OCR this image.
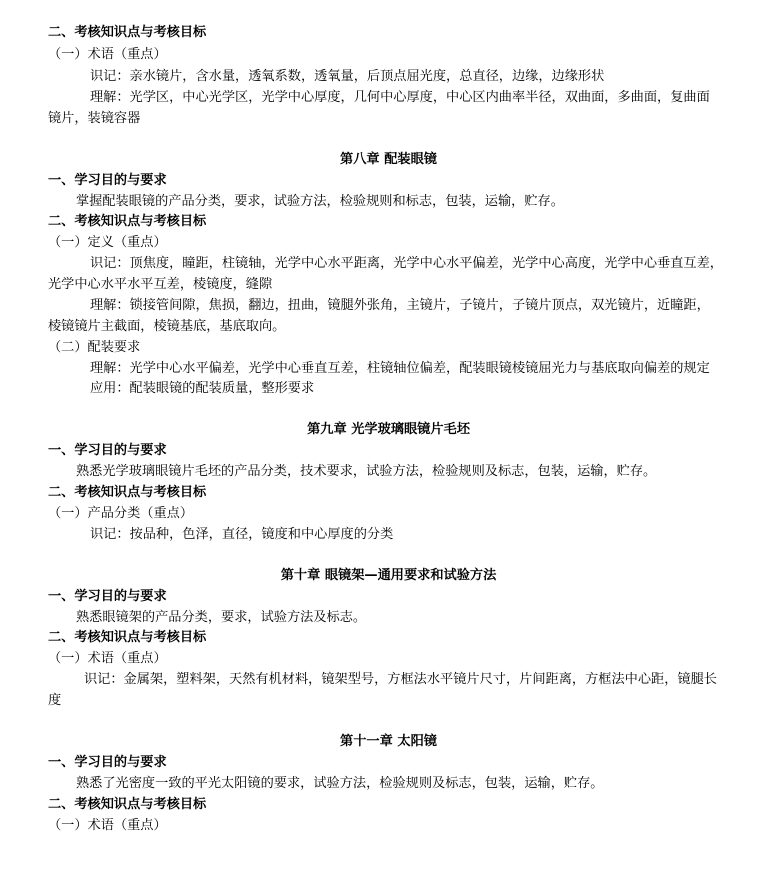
二、考核知识点与考核目标
（一）术语（重点）
识记：亲水镜片，含水量，透氧系数，透氧量，后顶点屈光度，总直径，边缘，边缘形状
理解：光学区，中心光学区，光学中心厚度，几何中心厚度，中心区内曲率半径，双曲面，多曲面，复曲面
镜片，装镜容器
第八章 配装眼镜
一、学习目的与要求
掌握配装眼镜的产品分类，要求，试验方法，检验规则和标志，包装，运输，贮存。
二、考核知识点与考核目标
（一）定义（重点）
识记：顶焦度，瞳距，柱镜轴，光学中心水平距离，光学中心水平偏差，光学中心高度，光学中心垂直互差，
光学中心水平水平互差，棱镜度，缝隙
理解：锁接管间隙，焦损，翻边，扭曲，镜腿外张角，主镜片，子镜片，子镜片顶点，双光镜片，近瞳距，
棱镜镜片主截面，棱镜基底，基底取向。
（二）配装要求
理解：光学中心水平偏差，光学中心垂直互差，柱镜轴位偏差，配装眼镜棱镜屈光力与基底取向偏差的规定
应用：配装眼镜的配装质量，整形要求
第九章 光学玻璃眼镜片毛坯
一、学习目的与要求
熟悉光学玻璃眼镜片毛坯的产品分类，技术要求，试验方法，检验规则及标志，包装，运输，贮存。
二、考核知识点与考核目标
（一）产品分类（重点）
识记：按品种，色泽，直径，镜度和中心厚度的分类
第十章 眼镜架—通用要求和试验方法
一、学习目的与要求
熟悉眼镜架的产品分类，要求，试验方法及标志。
二、考核知识点与考核目标
（一）术语（重点）
识记：金属架，塑料架，天然有机材料，镜架型号，方框法水平镜片尺寸，片间距离，方框法中心距，镜腿长
度
第十一章 太阳镜
一、学习目的与要求
熟悉了光密度一致的平光太阳镜的要求，试验方法，检验规则及标志，包装，运输，贮存。
二、考核知识点与考核目标
（一）术语（重点）
